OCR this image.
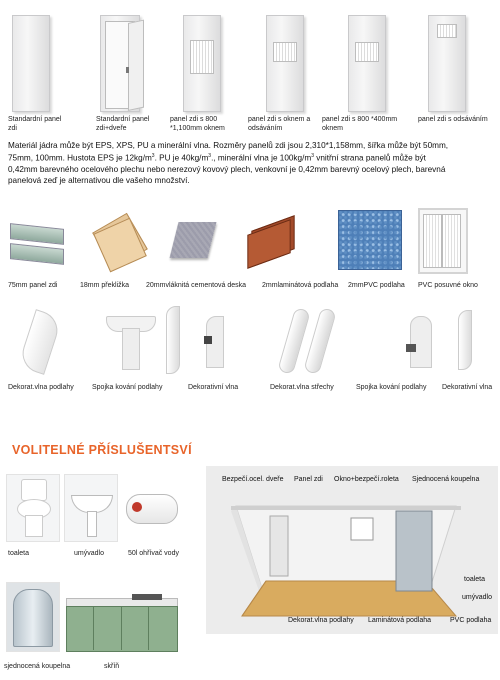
Standardní panel
zdi
Standardní panel
zdi+dveře
panel zdi s 800
*1,100mm oknem
panel zdi s oknem a
odsáváním
panel zdi s 800 *400mm
oknem
panel zdi s odsáváním
Materiál jádra může být EPS, XPS, PU a minerální vlna. Rozměry panelů zdi jsou 2,310*1,158mm, šířka může být 50mm,
75mm, 100mm. Hustota EPS je $12kg/m^3$. PU je $40kg/m^3$., minerální vlna je $100kg/m^3$ vnitřní strana panelů může být
0,42mm barevného ocelového plechu nebo nerezový kovový plech, venkovní je 0,42mm barevný ocelový plech, barevná
panelová zeď je alternativou dle vašeho množství.
75mm panel zdi	18mm překližka 20mmvláknitá cementová deska 2mmlaminátová podlaha 2mmPVC podlaha PVC posuvné okno
Dekorat.vlna podlahy	Spojka kování podlahy	Dekorativní vlna	Dekorat.vlna střechy	Spojka kování podlahy Dekorativní vlna
VOLITELNÉ PŘÍSLUŠENTSVÍ
toaleta	umývadlo	50l ohřívač vody
sjednocená koupelna	skříň
Bezpečí.ocel. dveře Panel zdi Okno+bezpečí.roleta Sjednocená koupelna
toaleta
umývadlo
Dekorat.vlna podlahy Laminátová podlaha	PVC podlaha
